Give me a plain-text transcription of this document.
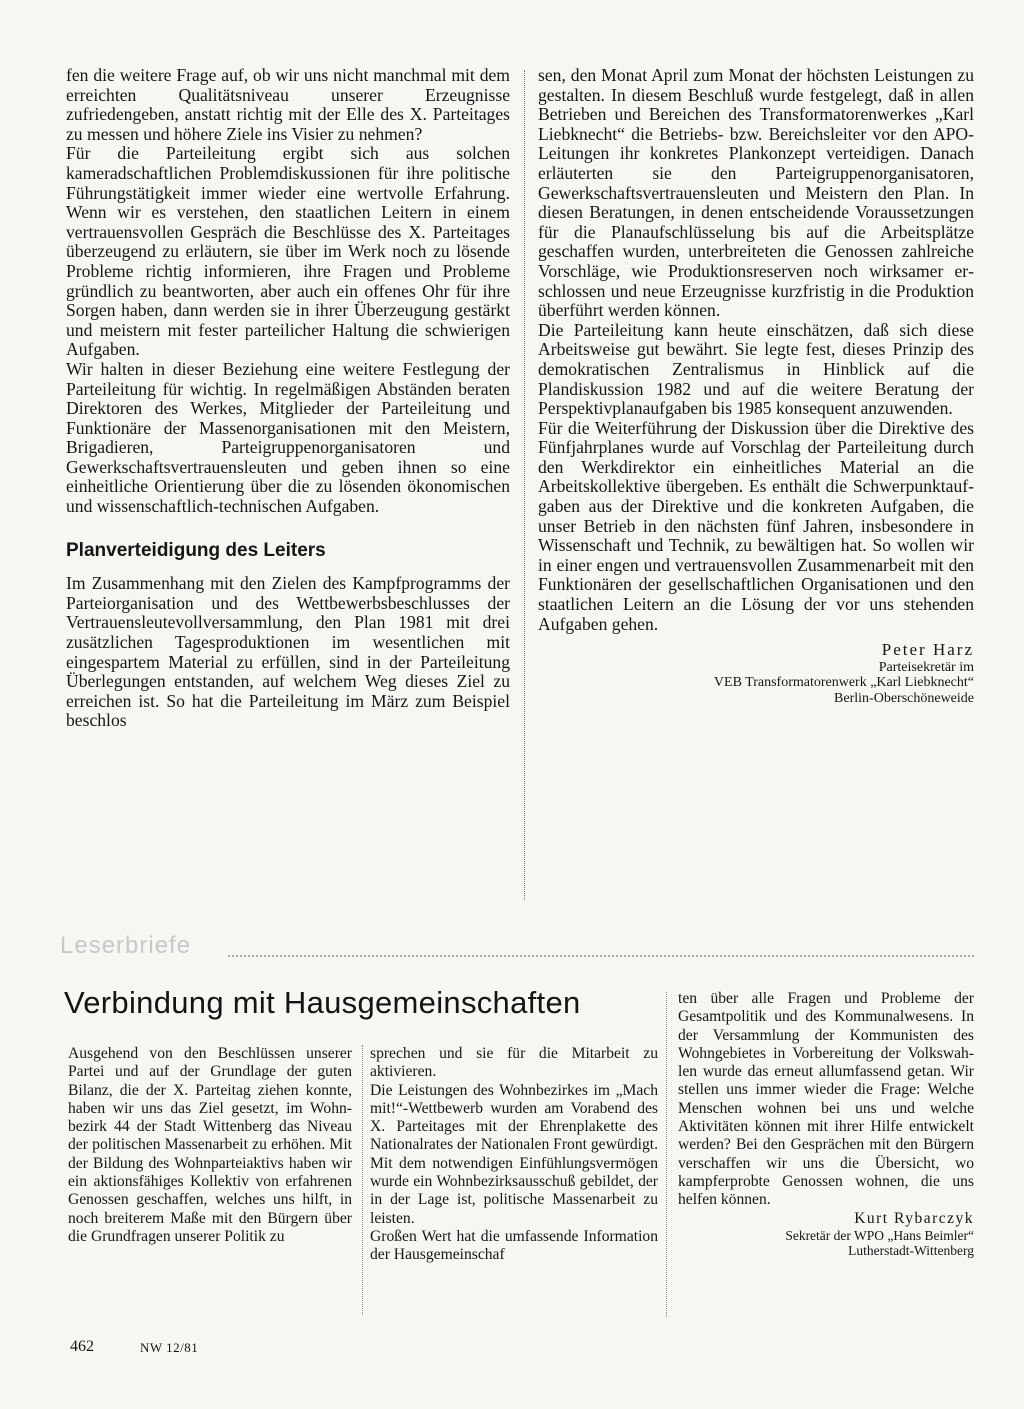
fen die weitere Frage auf, ob wir uns nicht manchmal mit dem erreichten Qualitätsniveau unserer Erzeugnisse zufriedengeben, anstatt richtig mit der Elle des X. Parteitages zu messen und höhere Ziele ins Visier zu nehmen?

Für die Parteileitung ergibt sich aus solchen kameradschaftlichen Problemdiskussionen für ihre politische Führungstätigkeit immer wieder eine wertvolle Erfahrung. Wenn wir es verstehen, den staatlichen Leitern in einem vertrauensvollen Gespräch die Beschlüsse des X. Parteitages überzeugend zu erläutern, sie über im Werk noch zu lösende Probleme richtig informieren, ihre Fragen und Probleme gründlich zu beantworten, aber auch ein offenes Ohr für ihre Sorgen haben, dann werden sie in ihrer Überzeugung gestärkt und meistern mit fester parteilicher Haltung die schwierigen Aufgaben.

Wir halten in dieser Beziehung eine weitere Festlegung der Parteileitung für wichtig. In regelmäßigen Abständen beraten Direktoren des Werkes, Mitglieder der Parteileitung und Funktionäre der Massenorganisationen mit den Meistern, Brigadieren, Parteigruppenorganisatoren und Gewerkschaftsvertrauensleuten und geben ihnen so eine einheitliche Orientierung über die zu lösenden ökonomischen und wissenschaftlich-technischen Aufgaben.

Planverteidigung des Leiters

Im Zusammenhang mit den Zielen des Kampfprogramms der Parteiorganisation und des Wettbewerbsbeschlusses der Vertrauensleutevollversammlung, den Plan 1981 mit drei zusätzlichen Tagesproduktionen im wesentlichen mit eingespartem Material zu erfüllen, sind in der Parteileitung Überlegungen entstanden, auf welchem Weg dieses Ziel zu erreichen ist. So hat die Parteileitung im März zum Beispiel beschlos

sen, den Monat April zum Monat der höchsten Leistungen zu gestalten. In diesem Beschluß wurde festgelegt, daß in allen Betrieben und Bereichen des Transformatorenwerkes „Karl Liebknecht“ die Betriebs- bzw. Bereichsleiter vor den APO-Leitungen ihr konkretes Plankonzept verteidigen. Danach erläuterten sie den Parteigruppenorganisatoren, Gewerkschaftsvertrauensleuten und Meistern den Plan. In diesen Beratungen, in denen entscheidende Voraussetzungen für die Planaufschlüsselung bis auf die Arbeitsplätze geschaffen wurden, unterbreiteten die Genossen zahlreiche Vorschläge, wie Produktionsreserven noch wirksamer erschlossen und neue Erzeugnisse kurzfristig in die Produktion überführt werden können.

Die Parteileitung kann heute einschätzen, daß sich diese Arbeitsweise gut bewährt. Sie legte fest, dieses Prinzip des demokratischen Zentralismus in Hinblick auf die Plandiskussion 1982 und auf die weitere Beratung der Perspektivplanaufgaben bis 1985 konsequent anzuwenden.

Für die Weiterführung der Diskussion über die Direktive des Fünfjahrplanes wurde auf Vorschlag der Parteileitung durch den Werkdirektor ein einheitliches Material an die Arbeitskollektive übergeben. Es enthält die Schwerpunktaufgaben aus der Direktive und die konkreten Aufgaben, die unser Betrieb in den nächsten fünf Jahren, insbesondere in Wissenschaft und Technik, zu bewältigen hat. So wollen wir in einer engen und vertrauensvollen Zusammenarbeit mit den Funktionären der gesellschaftlichen Organisationen und den staatlichen Leitern an die Lösung der vor uns stehenden Aufgaben gehen.

Peter Harz
Parteisekretär im
VEB Transformatorenwerk „Karl Liebknecht“
Berlin-Oberschöneweide
Leserbriefe
Verbindung mit Hausgemeinschaften

Ausgehend von den Beschlüssen unserer Partei und auf der Grundlage der guten Bilanz, die der X. Parteitag ziehen konnte, haben wir uns das Ziel gesetzt, im Wohnbezirk 44 der Stadt Wittenberg das Niveau der politischen Massenarbeit zu erhöhen. Mit der Bildung des Wohnparteiaktivs haben wir ein aktionsfähiges Kollektiv von erfahrenen Genossen geschaffen, welches uns hilft, in noch breiterem Maße mit den Bürgern über die Grundfragen unserer Politik zu

sprechen und sie für die Mitarbeit zu aktivieren.

Die Leistungen des Wohnbezirkes im „Mach mit!“-Wettbewerb wurden am Vorabend des X. Parteitages mit der Ehrenplakette des Nationalrates der Nationalen Front gewürdigt. Mit dem notwendigen Einfühlungsvermögen wurde ein Wohnbezirksausschuß gebildet, der in der Lage ist, politische Massenarbeit zu leisten.

Großen Wert hat die umfassende Information der Hausgemeinschaf

ten über alle Fragen und Probleme der Gesamtpolitik und des Kommunalwesens. In der Versammlung der Kommunisten des Wohngebietes in Vorbereitung der Volkswahlen wurde das erneut allumfassend getan. Wir stellen uns immer wieder die Frage: Welche Menschen wohnen bei uns und welche Aktivitäten können mit ihrer Hilfe entwickelt werden? Bei den Gesprächen mit den Bürgern verschaffen wir uns die Übersicht, wo kampferprobte Genossen wohnen, die uns helfen können.

Kurt Rybarczyk
Sekretär der WPO „Hans Beimler“
Lutherstadt-Wittenberg
462	NW 12/81
